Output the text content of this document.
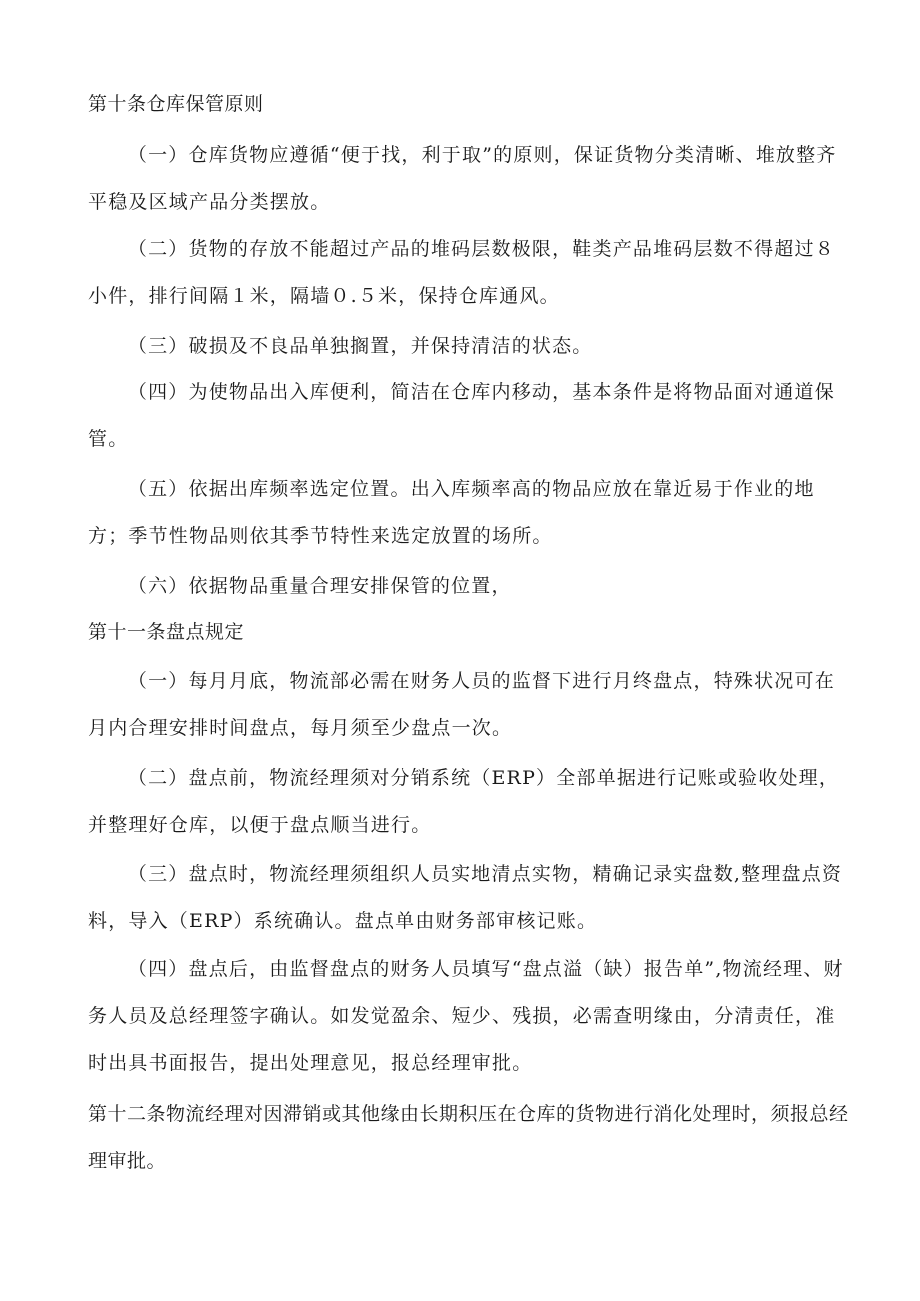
第十条仓库保管原则

（一）仓库货物应遵循“便于找，利于取”的原则，保证货物分类清晰、堆放整齐平稳及区域产品分类摆放。

（二）货物的存放不能超过产品的堆码层数极限，鞋类产品堆码层数不得超过８小件，排行间隔１米，隔墙０.５米，保持仓库通风。

（三）破损及不良品单独搁置，并保持清洁的状态。

（四）为使物品出入库便利，简洁在仓库内移动，基本条件是将物品面对通道保管。

（五）依据出库频率选定位置。出入库频率高的物品应放在靠近易于作业的地方；季节性物品则依其季节特性来选定放置的场所。

（六）依据物品重量合理安排保管的位置，

第十一条盘点规定

（一）每月月底，物流部必需在财务人员的监督下进行月终盘点，特殊状况可在月内合理安排时间盘点，每月须至少盘点一次。

（二）盘点前，物流经理须对分销系统（ERP）全部单据进行记账或验收处理，并整理好仓库，以便于盘点顺当进行。

（三）盘点时，物流经理须组织人员实地清点实物，精确记录实盘数,整理盘点资料，导入（ERP）系统确认。盘点单由财务部审核记账。

（四）盘点后，由监督盘点的财务人员填写“盘点溢（缺）报告单”,物流经理、财务人员及总经理签字确认。如发觉盈余、短少、残损，必需查明缘由，分清责任，准时出具书面报告，提出处理意见，报总经理审批。

第十二条物流经理对因滞销或其他缘由长期积压在仓库的货物进行消化处理时，须报总经理审批。
